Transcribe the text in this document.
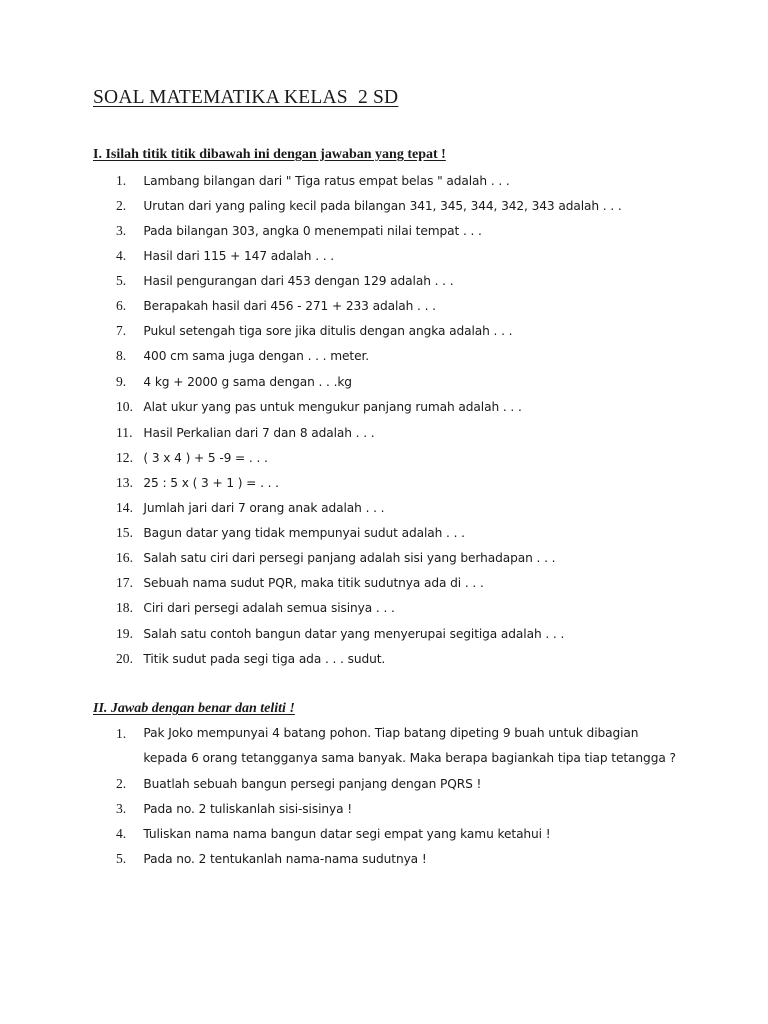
SOAL MATEMATIKA KELAS  2 SD
I. Isilah titik titik dibawah ini dengan jawaban yang tepat !
1. Lambang bilangan dari " Tiga ratus empat belas " adalah . . .
2. Urutan dari yang paling kecil pada bilangan 341, 345, 344, 342, 343 adalah . . .
3. Pada bilangan 303, angka 0 menempati nilai tempat . . .
4. Hasil dari 115 + 147 adalah . . .
5. Hasil pengurangan dari 453 dengan 129 adalah . . .
6. Berapakah hasil dari 456 - 271 + 233 adalah . . .
7. Pukul setengah tiga sore jika ditulis dengan angka adalah . . .
8. 400 cm sama juga dengan . . . meter.
9. 4 kg + 2000 g sama dengan . . .kg
10. Alat ukur yang pas untuk mengukur panjang rumah adalah . . .
11. Hasil Perkalian dari 7 dan 8 adalah . . .
12. ( 3 x 4 ) + 5 -9 = . . .
13. 25 : 5 x ( 3 + 1 ) = . . .
14. Jumlah jari dari 7 orang anak adalah . . .
15. Bagun datar yang tidak mempunyai sudut adalah . . .
16. Salah satu ciri dari persegi panjang adalah sisi yang berhadapan . . .
17. Sebuah nama sudut PQR, maka titik sudutnya ada di . . .
18. Ciri dari persegi adalah semua sisinya . . .
19. Salah satu contoh bangun datar yang menyerupai segitiga adalah . . .
20. Titik sudut pada segi tiga ada . . . sudut.
II. Jawab dengan benar dan teliti !
1. Pak Joko mempunyai 4 batang pohon. Tiap batang dipeting 9 buah untuk dibagian kepada 6 orang tetangganya sama banyak. Maka berapa bagiankah tipa tiap tetangga ?
2. Buatlah sebuah bangun persegi panjang dengan PQRS !
3. Pada no. 2 tuliskanlah sisi-sisinya !
4. Tuliskan nama nama bangun datar segi empat yang kamu ketahui !
5. Pada no. 2 tentukanlah nama-nama sudutnya !
